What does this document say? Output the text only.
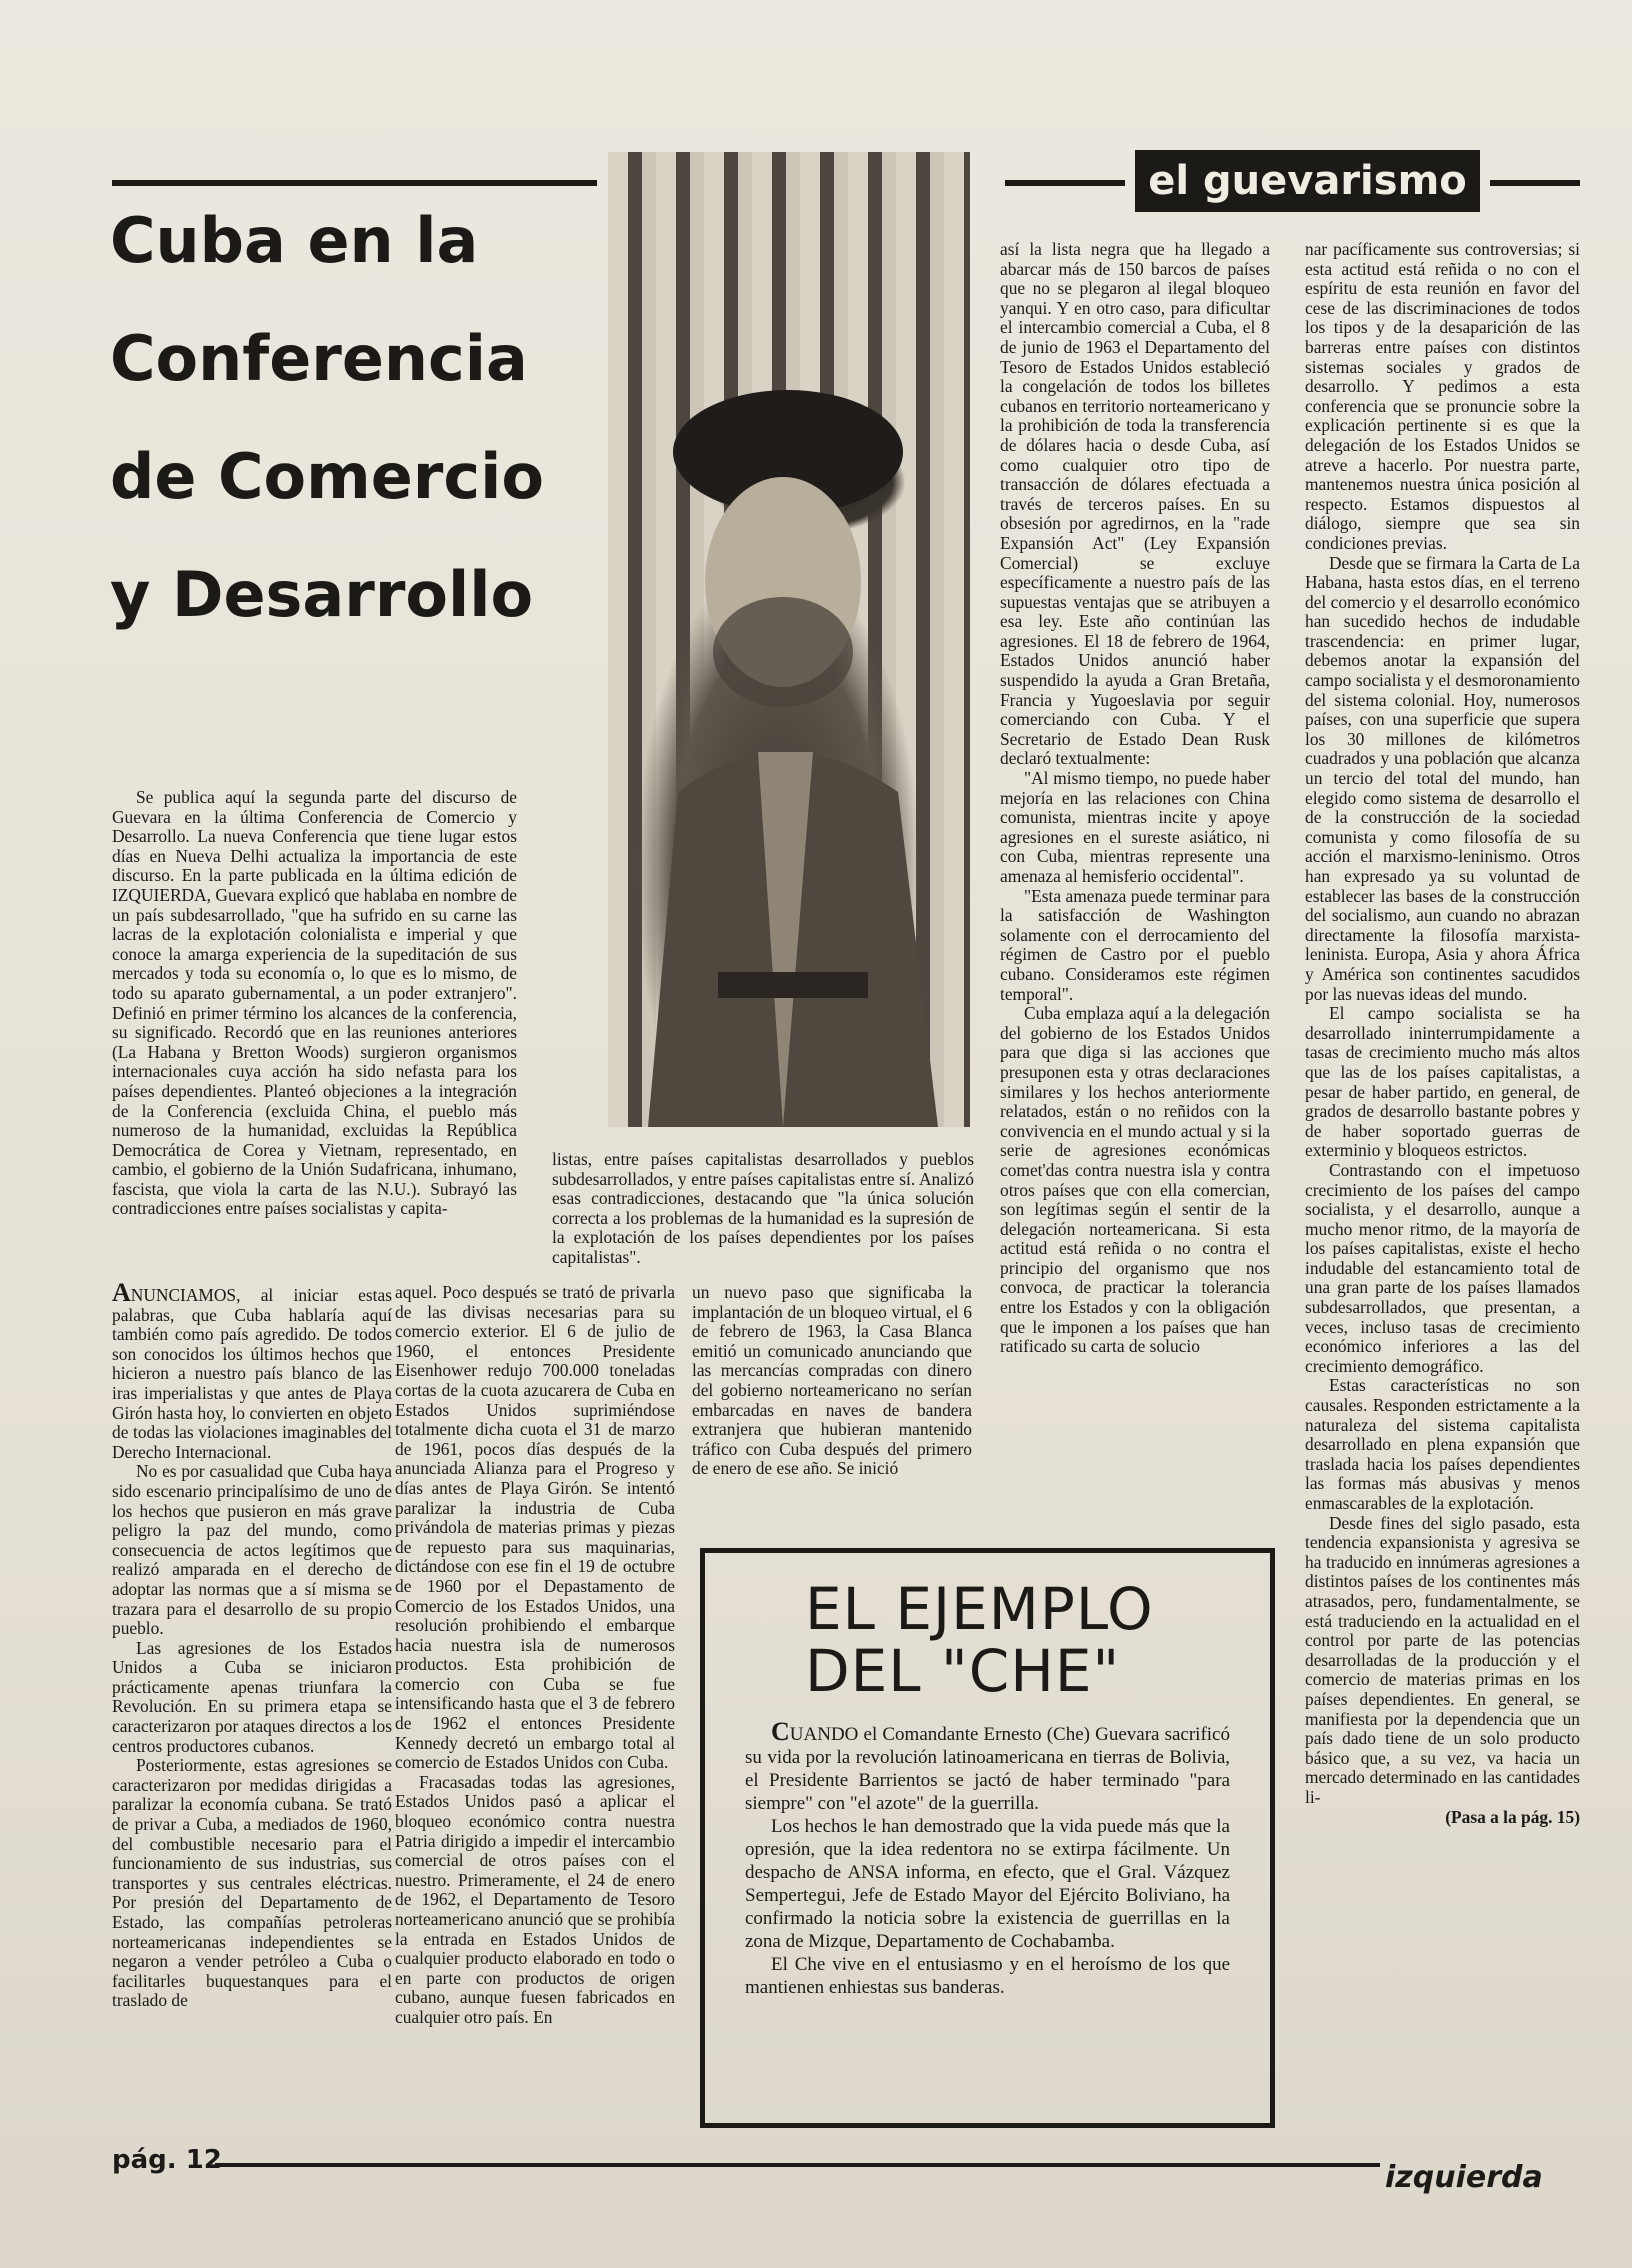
el guevarismo
Cuba en la
Conferencia
de Comercio
y Desarrollo

Se publica aquí la segunda parte del discurso de Guevara en la última Conferencia de Comercio y Desarrollo. La nueva Conferencia que tiene lugar estos días en Nueva Delhi actualiza la importancia de este discurso. En la parte publicada en la última edición de IZQUIERDA, Guevara explicó que hablaba en nombre de un país subdesarrollado, "que ha sufrido en su carne las lacras de la explotación colonialista e imperial y que conoce la amarga experiencia de la supeditación de sus mercados y toda su economía o, lo que es lo mismo, de todo su aparato gubernamental, a un poder extranjero". Definió en primer término los alcances de la conferencia, su significado. Recordó que en las reuniones anteriores (La Habana y Bretton Woods) surgieron organismos internacionales cuya acción ha sido nefasta para los países dependientes. Planteó objeciones a la integración de la Conferencia (excluida China, el pueblo más numeroso de la humanidad, excluidas la República Democrática de Corea y Vietnam, representado, en cambio, el gobierno de la Unión Sudafricana, inhumano, fascista, que viola la carta de las N.U.). Subrayó las contradicciones entre países socialistas y capita-

listas, entre países capitalistas desarrollados y pueblos subdesarrollados, y entre países capitalistas entre sí. Analizó esas contradicciones, destacando que "la única solución correcta a los problemas de la humanidad es la supresión de la explotación de los países dependientes por los países capitalistas".

ANUNCIAMOS, al iniciar estas palabras, que Cuba hablaría aquí también como país agredido. De todos son conocidos los últimos hechos que hicieron a nuestro país blanco de las iras imperialistas y que antes de Playa Girón hasta hoy, lo convierten en objeto de todas las violaciones imaginables del Derecho Internacional.

No es por casualidad que Cuba haya sido escenario principalísimo de uno de los hechos que pusieron en más grave peligro la paz del mundo, como consecuencia de actos legítimos que realizó amparada en el derecho de adoptar las normas que a sí misma se trazara para el desarrollo de su propio pueblo.

Las agresiones de los Estados Unidos a Cuba se iniciaron prácticamente apenas triunfara la Revolución. En su primera etapa se caracterizaron por ataques directos a los centros productores cubanos.

Posteriormente, estas agresiones se caracterizaron por medidas dirigidas a paralizar la economía cubana. Se trató de privar a Cuba, a mediados de 1960, del combustible necesario para el funcionamiento de sus industrias, sus transportes y sus centrales eléctricas. Por presión del Departamento de Estado, las compañías petroleras norteamericanas independientes se negaron a vender petróleo a Cuba o facilitarles buquestanques para el traslado de

aquel. Poco después se trató de privarla de las divisas necesarias para su comercio exterior. El 6 de julio de 1960, el entonces Presidente Eisenhower redujo 700.000 toneladas cortas de la cuota azucarera de Cuba en Estados Unidos suprimiéndose totalmente dicha cuota el 31 de marzo de 1961, pocos días después de la anunciada Alianza para el Progreso y días antes de Playa Girón. Se intentó paralizar la industria de Cuba privándola de materias primas y piezas de repuesto para sus maquinarias, dictándose con ese fin el 19 de octubre de 1960 por el Depastamento de Comercio de los Estados Unidos, una resolución prohibiendo el embarque hacia nuestra isla de numerosos productos. Esta prohibición de comercio con Cuba se fue intensificando hasta que el 3 de febrero de 1962 el entonces Presidente Kennedy decretó un embargo total al comercio de Estados Unidos con Cuba.

Fracasadas todas las agresiones, Estados Unidos pasó a aplicar el bloqueo económico contra nuestra Patria dirigido a impedir el intercambio comercial de otros países con el nuestro. Primeramente, el 24 de enero de 1962, el Departamento de Tesoro norteamericano anunció que se prohibía la entrada en Estados Unidos de cualquier producto elaborado en todo o en parte con productos de origen cubano, aunque fuesen fabricados en cualquier otro país. En

un nuevo paso que significaba la implantación de un bloqueo virtual, el 6 de febrero de 1963, la Casa Blanca emitió un comunicado anunciando que las mercancías compradas con dinero del gobierno norteamericano no serían embarcadas en naves de bandera extranjera que hubieran mantenido tráfico con Cuba después del primero de enero de ese año. Se inició

así la lista negra que ha llegado a abarcar más de 150 barcos de países que no se plegaron al ilegal bloqueo yanqui. Y en otro caso, para dificultar el intercambio comercial a Cuba, el 8 de junio de 1963 el Departamento del Tesoro de Estados Unidos estableció la congelación de todos los billetes cubanos en territorio norteamericano y la prohibición de toda la transferencia de dólares hacia o desde Cuba, así como cualquier otro tipo de transacción de dólares efectuada a través de terceros países. En su obsesión por agredirnos, en la "rade Expansión Act" (Ley Expansión Comercial) se excluye específicamente a nuestro país de las supuestas ventajas que se atribuyen a esa ley. Este año continúan las agresiones. El 18 de febrero de 1964, Estados Unidos anunció haber suspendido la ayuda a Gran Bretaña, Francia y Yugoeslavia por seguir comerciando con Cuba. Y el Secretario de Estado Dean Rusk declaró textualmente:

"Al mismo tiempo, no puede haber mejoría en las relaciones con China comunista, mientras incite y apoye agresiones en el sureste asiático, ni con Cuba, mientras represente una amenaza al hemisferio occidental".

"Esta amenaza puede terminar para la satisfacción de Washington solamente con el derrocamiento del régimen de Castro por el pueblo cubano. Consideramos este régimen temporal".

Cuba emplaza aquí a la delegación del gobierno de los Estados Unidos para que diga si las acciones que presuponen esta y otras declaraciones similares y los hechos anteriormente relatados, están o no reñidos con la convivencia en el mundo actual y si la serie de agresiones económicas comet'das contra nuestra isla y contra otros países que con ella comercian, son legítimas según el sentir de la delegación norteamericana. Si esta actitud está reñida o no contra el principio del organismo que nos convoca, de practicar la tolerancia entre los Estados y con la obligación que le imponen a los países que han ratificado su carta de solucio

nar pacíficamente sus controversias; si esta actitud está reñida o no con el espíritu de esta reunión en favor del cese de las discriminaciones de todos los tipos y de la desaparición de las barreras entre países con distintos sistemas sociales y grados de desarrollo. Y pedimos a esta conferencia que se pronuncie sobre la explicación pertinente si es que la delegación de los Estados Unidos se atreve a hacerlo. Por nuestra parte, mantenemos nuestra única posición al respecto. Estamos dispuestos al diálogo, siempre que sea sin condiciones previas.

Desde que se firmara la Carta de La Habana, hasta estos días, en el terreno del comercio y el desarrollo económico han sucedido hechos de indudable trascendencia: en primer lugar, debemos anotar la expansión del campo socialista y el desmoronamiento del sistema colonial. Hoy, numerosos países, con una superficie que supera los 30 millones de kilómetros cuadrados y una población que alcanza un tercio del total del mundo, han elegido como sistema de desarrollo el de la construcción de la sociedad comunista y como filosofía de su acción el marxismo-leninismo. Otros han expresado ya su voluntad de establecer las bases de la construcción del socialismo, aun cuando no abrazan directamente la filosofía marxista-leninista. Europa, Asia y ahora África y América son continentes sacudidos por las nuevas ideas del mundo.

El campo socialista se ha desarrollado ininterrumpidamente a tasas de crecimiento mucho más altos que las de los países capitalistas, a pesar de haber partido, en general, de grados de desarrollo bastante pobres y de haber soportado guerras de exterminio y bloqueos estrictos.

Contrastando con el impetuoso crecimiento de los países del campo socialista, y el desarrollo, aunque a mucho menor ritmo, de la mayoría de los países capitalistas, existe el hecho indudable del estancamiento total de una gran parte de los países llamados subdesarrollados, que presentan, a veces, incluso tasas de crecimiento económico inferiores a las del crecimiento demográfico.

Estas características no son causales. Responden estrictamente a la naturaleza del sistema capitalista desarrollado en plena expansión que traslada hacia los países dependientes las formas más abusivas y menos enmascarables de la explotación.

Desde fines del siglo pasado, esta tendencia expansionista y agresiva se ha traducido en innúmeras agresiones a distintos países de los continentes más atrasados, pero, fundamentalmente, se está traduciendo en la actualidad en el control por parte de las potencias desarrolladas de la producción y el comercio de materias primas en los países dependientes. En general, se manifiesta por la dependencia que un país dado tiene de un solo producto básico que, a su vez, va hacia un mercado determinado en las cantidades li-

(Pasa a la pág. 15)
EL EJEMPLO
DEL "CHE"

CUANDO el Comandante Ernesto (Che) Guevara sacrificó su vida por la revolución latinoamericana en tierras de Bolivia, el Presidente Barrientos se jactó de haber terminado "para siempre" con "el azote" de la guerrilla.

Los hechos le han demostrado que la vida puede más que la opresión, que la idea redentora no se extirpa fácilmente. Un despacho de ANSA informa, en efecto, que el Gral. Vázquez Sempertegui, Jefe de Estado Mayor del Ejército Boliviano, ha confirmado la noticia sobre la existencia de guerrillas en la zona de Mizque, Departamento de Cochabamba.

El Che vive en el entusiasmo y en el heroísmo de los que mantienen enhiestas sus banderas.

pág. 12	izquierda
